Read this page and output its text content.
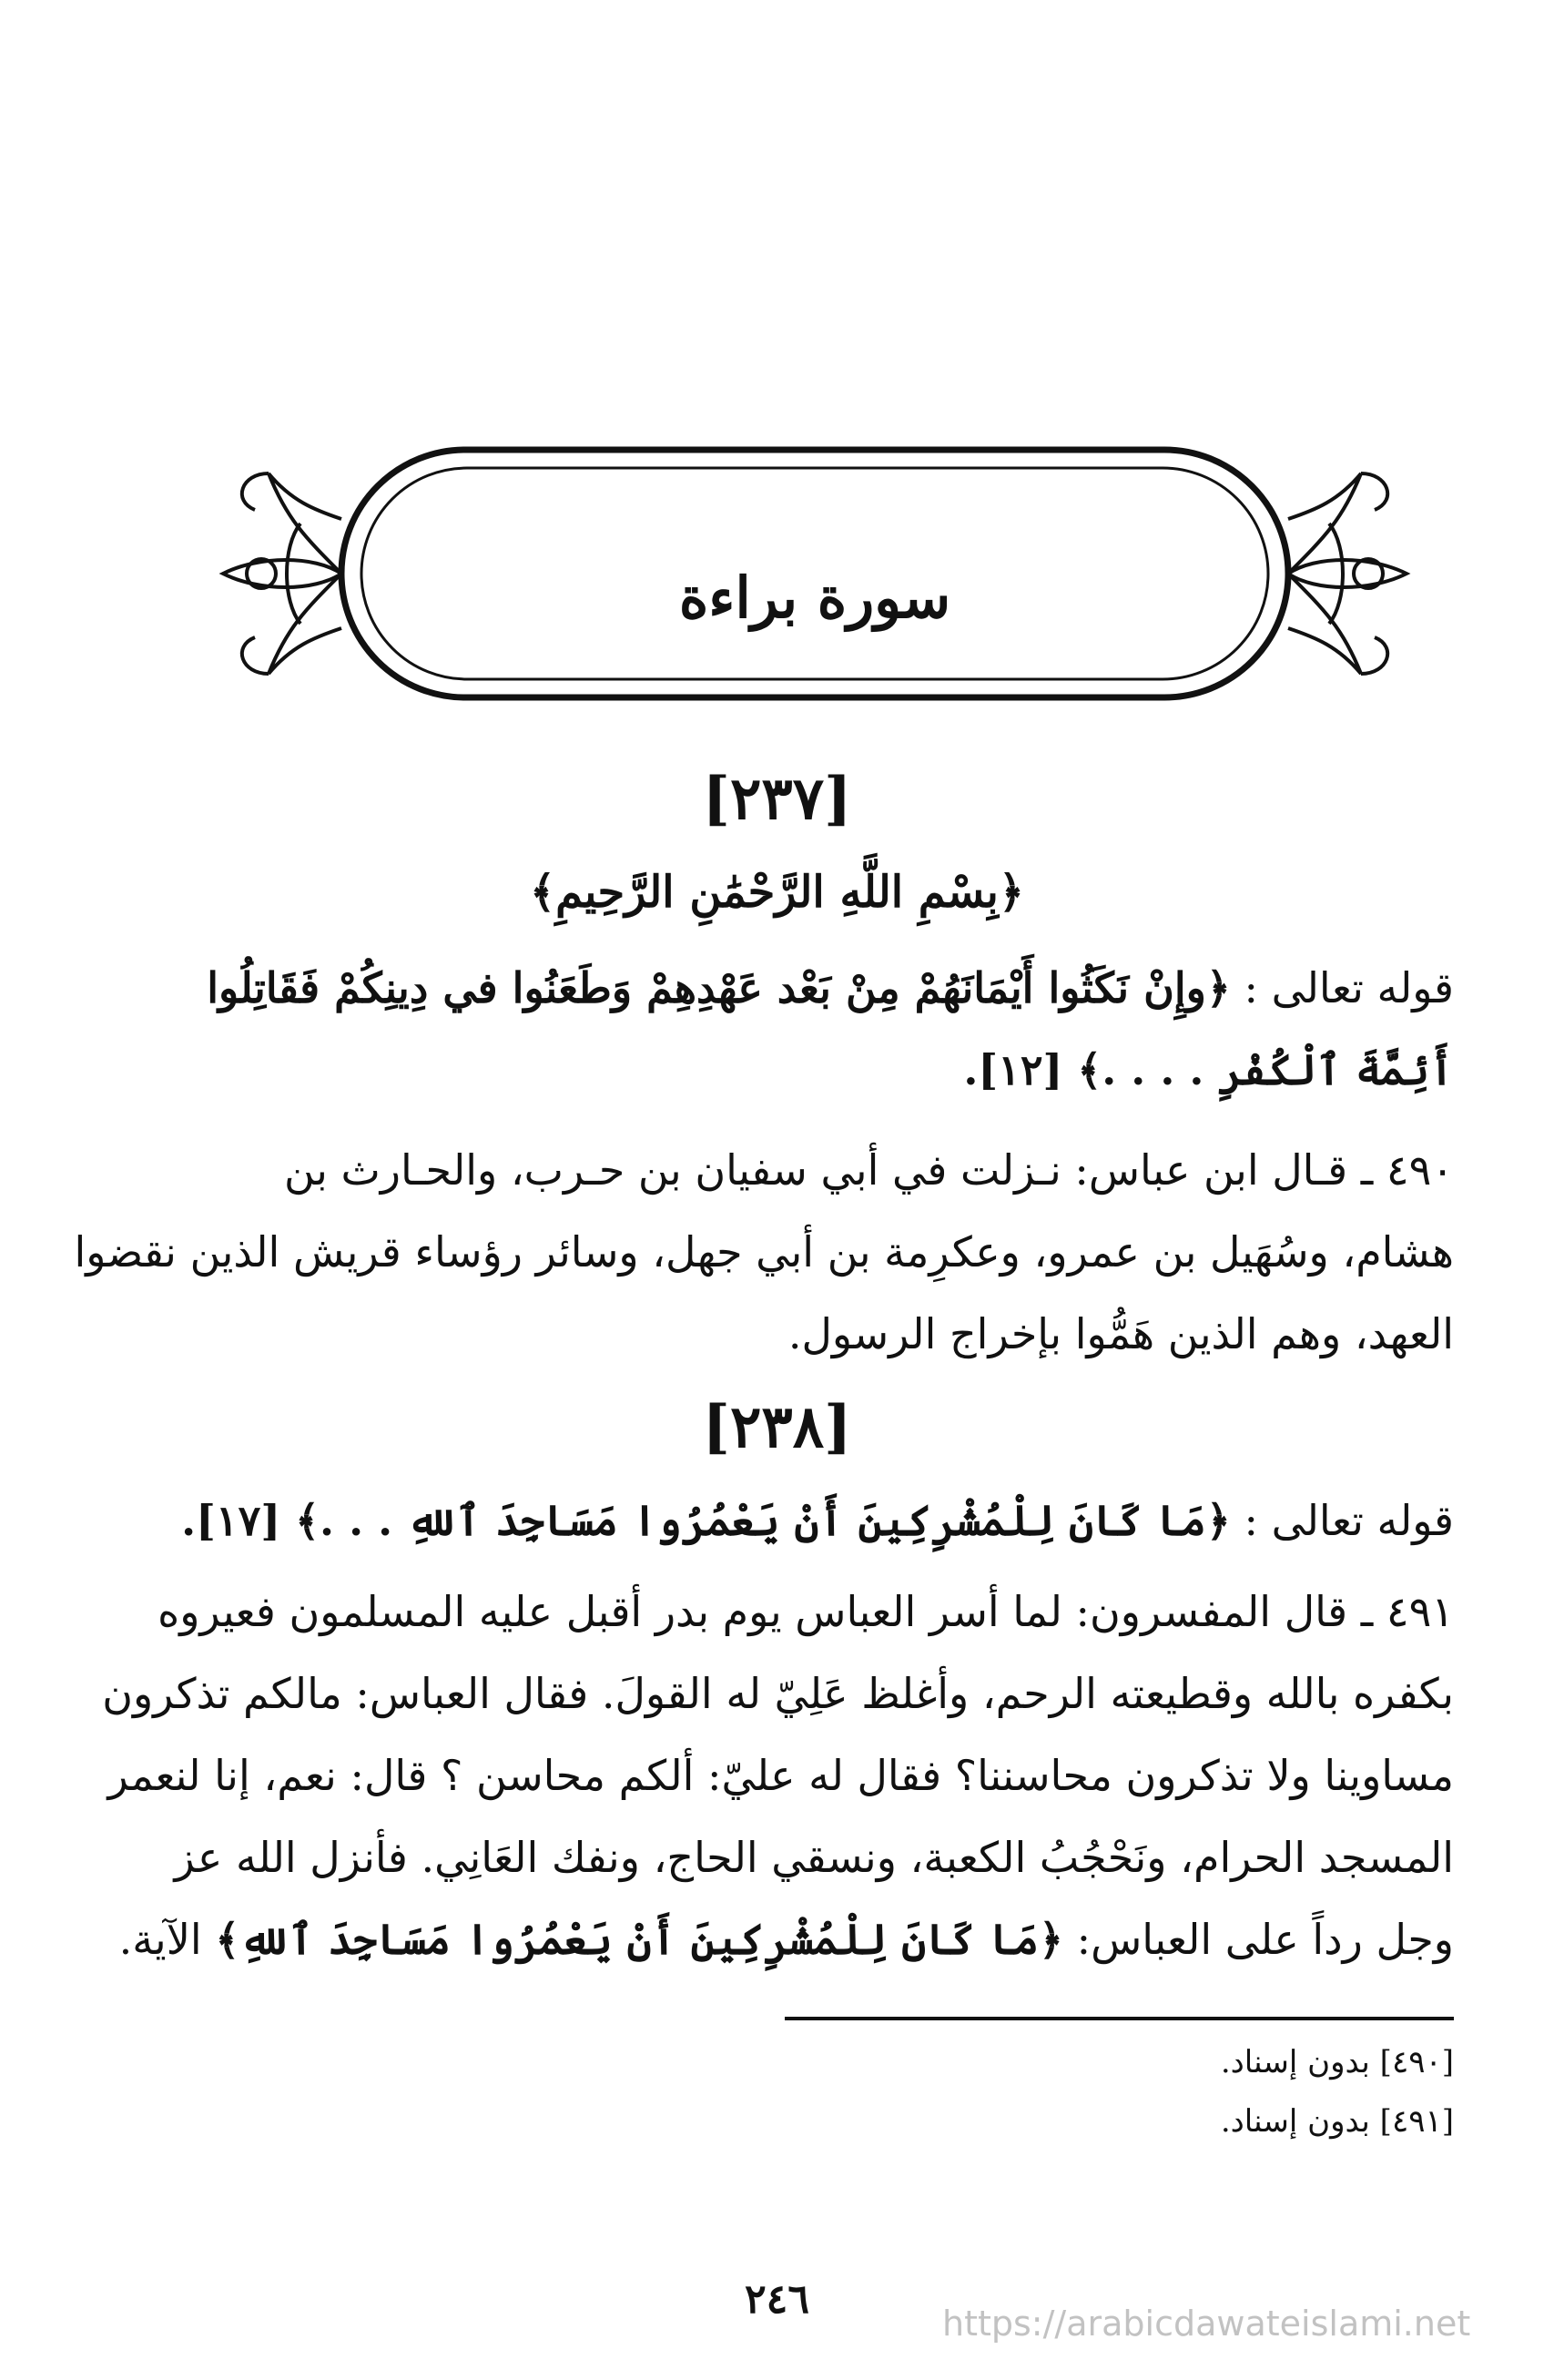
سورة براءة
[٢٣٧]
﴿بِسْمِ اللَّهِ الرَّحْمَٰنِ الرَّحِيمِ﴾
قوله تعالى : ﴿وإِنْ نَكَثُوا أَيْمَانَهُمْ مِنْ بَعْد عَهْدِهِمْ وَطَعَنُوا في دِينِكُمْ فَقَاتِلُوا
أَئِمَّةَ ٱلْكُفْرِ . . . .﴾ [١٢].
٤٩٠ ـ قـال ابن عباس: نـزلت في أبي سفيان بن حـرب، والحـارث بن
هشام، وسُهَيل بن عمرو، وعكرِمة بن أبي جهل، وسائر رؤساء قريش الذين نقضوا
العهد، وهم الذين هَمُّوا بإخراج الرسول.
[٢٣٨]
قوله تعالى : ﴿مَا كَانَ لِلْمُشْرِكِينَ أَنْ يَعْمُرُوا مَسَاجِدَ ٱللهِ . . .﴾ [١٧].
٤٩١ ـ قال المفسرون: لما أسر العباس يوم بدر أقبل عليه المسلمون فعيروه
بكفره بالله وقطيعته الرحم، وأغلظ عَلِيّ له القولَ. فقال العباس: مالكم تذكرون
مساوينا ولا تذكرون محاسننا؟ فقال له عليّ: ألكم محاسن ؟ قال: نعم، إنا لنعمر
المسجد الحرام، ونَحْجُبُ الكعبة، ونسقي الحاج، ونفك العَانِي. فأنزل الله عز
وجل رداً على العباس: ﴿مَا كَانَ لِلْمُشْرِكِينَ أَنْ يَعْمُرُوا مَسَاجِدَ ٱللهِ﴾ الآية.
[٤٩٠] بدون إسناد.
[٤٩١] بدون إسناد.
٢٤٦
https://arabicdawateislami.net
